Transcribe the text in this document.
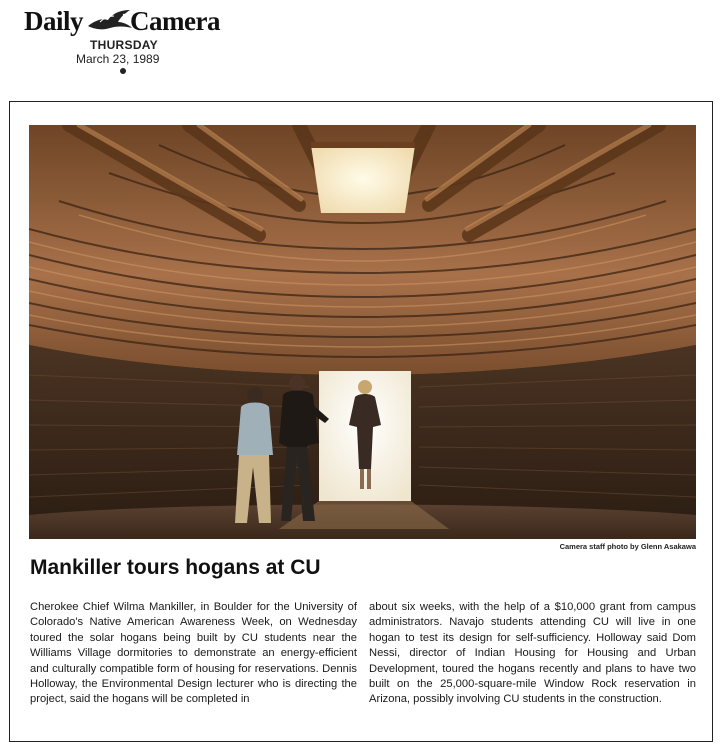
Daily Camera
THURSDAY
March 23, 1989
Camera staff photo by Glenn Asakawa
Mankiller tours hogans at CU
Cherokee Chief Wilma Mankiller, in Boulder for the University of Colorado's Native American Awareness Week, on Wednesday toured the solar hogans being built by CU students near the Williams Village dormitories to demonstrate an energy-efficient and culturally compatible form of housing for reservations. Dennis Holloway, the Environmental Design lecturer who is directing the project, said the hogans will be completed in
about six weeks, with the help of a $10,000 grant from campus administrators. Navajo students attending CU will live in one hogan to test its design for self-sufficiency. Holloway said Dom Nessi, director of Indian Housing for Housing and Urban Development, toured the hogans recently and plans to have two built on the 25,000-square-mile Window Rock reservation in Arizona, possibly involving CU students in the construction.
